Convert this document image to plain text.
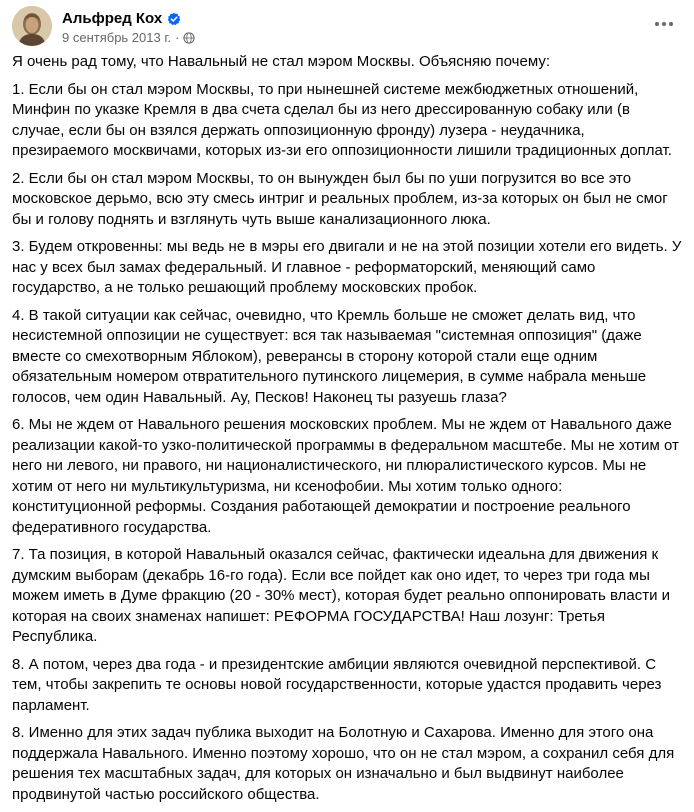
Альфред Кох
9 сентябрь 2013 г. ·

Я очень рад тому, что Навальный не стал мэром Москвы. Объясняю почему:

1. Если бы он стал мэром Москвы, то при нынешней системе межбюджетных отношений, Минфин по указке Кремля в два счета сделал бы из него дрессированную собаку или (в случае, если бы он взялся держать оппозиционную фронду) лузера - неудачника, презираемого москвичами, которых из-зи его оппозиционности лишили традиционных доплат.

2. Если бы он стал мэром Москвы, то он вынужден был бы по уши погрузится во все это московское дерьмо, всю эту смесь интриг и реальных проблем, из-за которых он был не смог бы и голову поднять и взглянуть чуть выше канализационного люка.

3. Будем откровенны: мы ведь не в мэры его двигали и не на этой позиции хотели его видеть. У нас у всех был замах федеральный. И главное - реформаторский, меняющий само государство, а не только решающий проблему московских пробок.

4. В такой ситуации как сейчас, очевидно, что Кремль больше не сможет делать вид, что несистемной оппозиции не существует: вся так называемая "системная оппозиция" (даже вместе со смехотворным Яблоком), реверансы в сторону которой стали еще одним обязательным номером отвратительного путинского лицемерия, в сумме набрала меньше голосов, чем один Навальный. Ау, Песков! Наконец ты разуешь глаза?

6. Мы не ждем от Навального решения московских проблем. Мы не ждем от Навального даже реализации какой-то узко-политической программы в федеральном масштебе. Мы не хотим от него ни левого, ни правого, ни националистического, ни плюралистического курсов. Мы не хотим от него ни мультикультуризма, ни ксенофобии. Мы хотим только одного: конституционной реформы. Создания работающей демократии и построение реального федеративного государства.

7. Та позиция, в которой Навальный оказался сейчас, фактически идеальна для движения к думским выборам (декабрь 16-го года). Если все пойдет как оно идет, то через три года мы можем иметь в Думе фракцию (20 - 30% мест), которая будет реально оппонировать власти и которая на своих знаменах напишет: РЕФОРМА ГОСУДАРСТВА! Наш лозунг: Третья Республика.

8. А потом, через два года - и президентские амбиции являются очевидной перспективой. С тем, чтобы закрепить те основы новой государственности, которые удастся продавить через парламент.

8. Именно для этих задач публика выходит на Болотную и Сахарова. Именно для этого она поддержала Навального. Именно поэтому хорошо, что он не стал мэром, а сохранил себя для решения тех масштабных задач, для которых он изначально и был выдвинут наиболее продвинутой частью российского общества.
